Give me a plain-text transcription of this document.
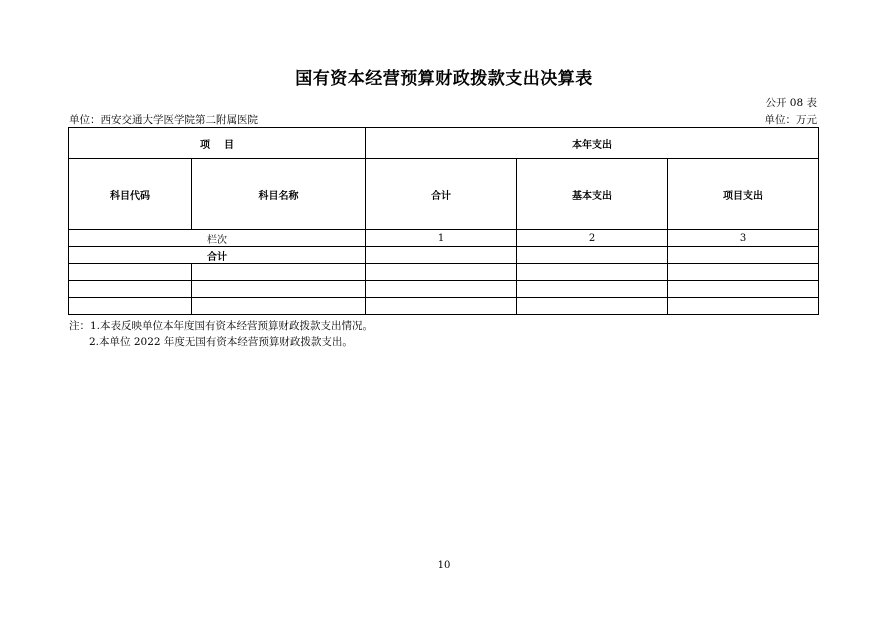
国有资本经营预算财政拨款支出决算表
公开 08 表
单位：西安交通大学医学院第二附属医院	单位：万元
项    目		本年支出		
科目代码	科目名称	合计	基本支出	项目支出
栏次		1	2	3
合计				

注：1.本表反映单位本年度国有资本经营预算财政拨款支出情况。
2.本单位 2022 年度无国有资本经营预算财政拨款支出。
10
